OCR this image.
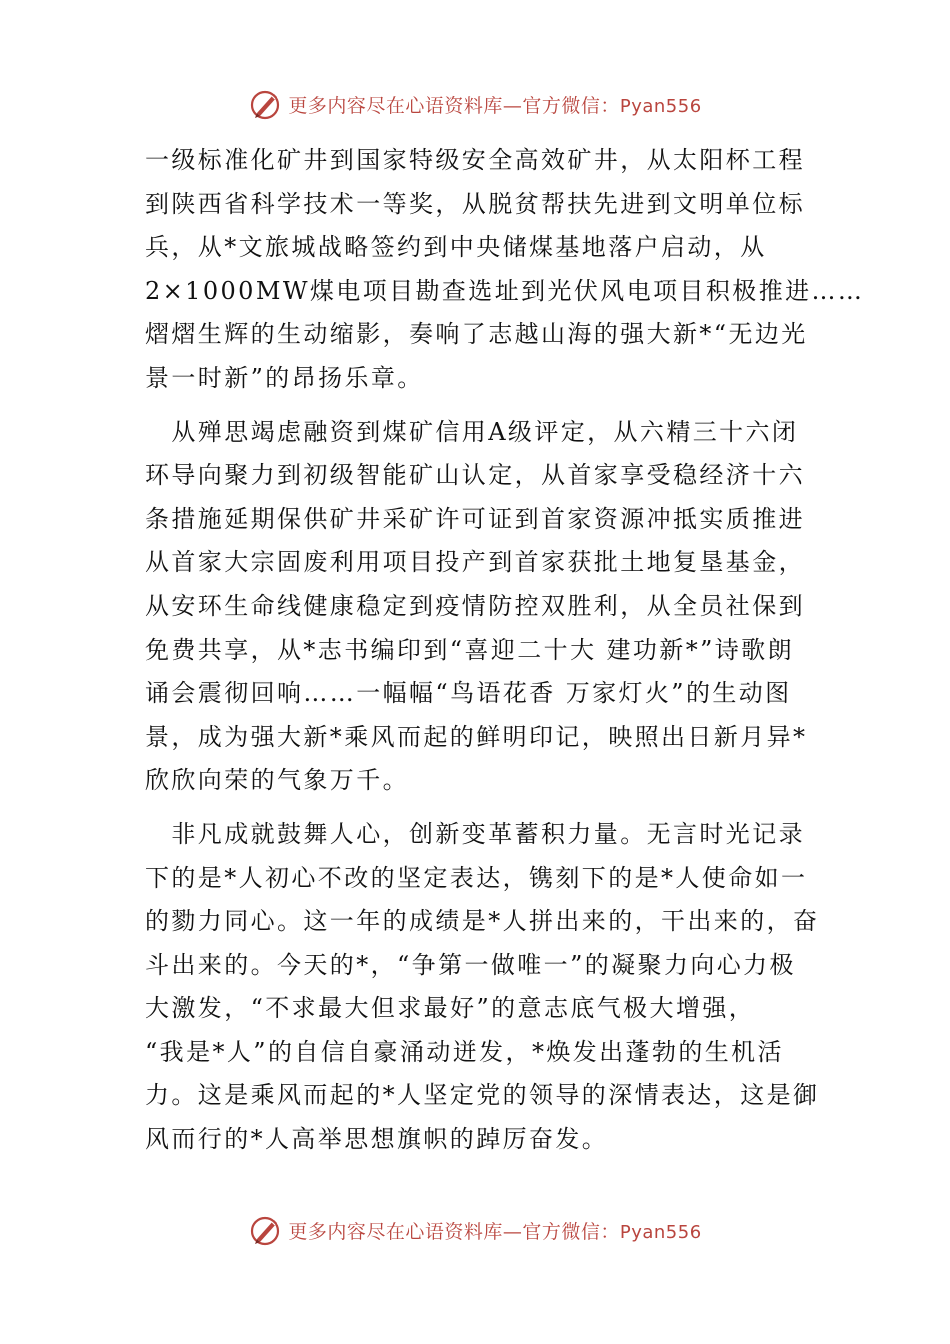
更多内容尽在心语资料库—官方微信：Pyan556

一级标准化矿井到国家特级安全高效矿井，从太阳杯工程
到陕西省科学技术一等奖，从脱贫帮扶先进到文明单位标
兵，从*文旅城战略签约到中央储煤基地落户启动，从
2×1000MW煤电项目勘查选址到光伏风电项目积极推进……
熠熠生辉的生动缩影，奏响了志越山海的强大新*“无边光
景一时新”的昂扬乐章。

　从殚思竭虑融资到煤矿信用A级评定，从六精三十六闭
环导向聚力到初级智能矿山认定，从首家享受稳经济十六
条措施延期保供矿井采矿许可证到首家资源冲抵实质推进
从首家大宗固废利用项目投产到首家获批土地复垦基金，
从安环生命线健康稳定到疫情防控双胜利，从全员社保到
免费共享，从*志书编印到“喜迎二十大 建功新*”诗歌朗
诵会震彻回响……一幅幅“鸟语花香 万家灯火”的生动图
景，成为强大新*乘风而起的鲜明印记，映照出日新月异*
欣欣向荣的气象万千。

　非凡成就鼓舞人心，创新变革蓄积力量。无言时光记录
下的是*人初心不改的坚定表达，镌刻下的是*人使命如一
的勠力同心。这一年的成绩是*人拼出来的，干出来的，奋
斗出来的。今天的*，“争第一做唯一”的凝聚力向心力极
大激发，“不求最大但求最好”的意志底气极大增强，
“我是*人”的自信自豪涌动迸发，*焕发出蓬勃的生机活
力。这是乘风而起的*人坚定党的领导的深情表达，这是御
风而行的*人高举思想旗帜的踔厉奋发。

更多内容尽在心语资料库—官方微信：Pyan556
